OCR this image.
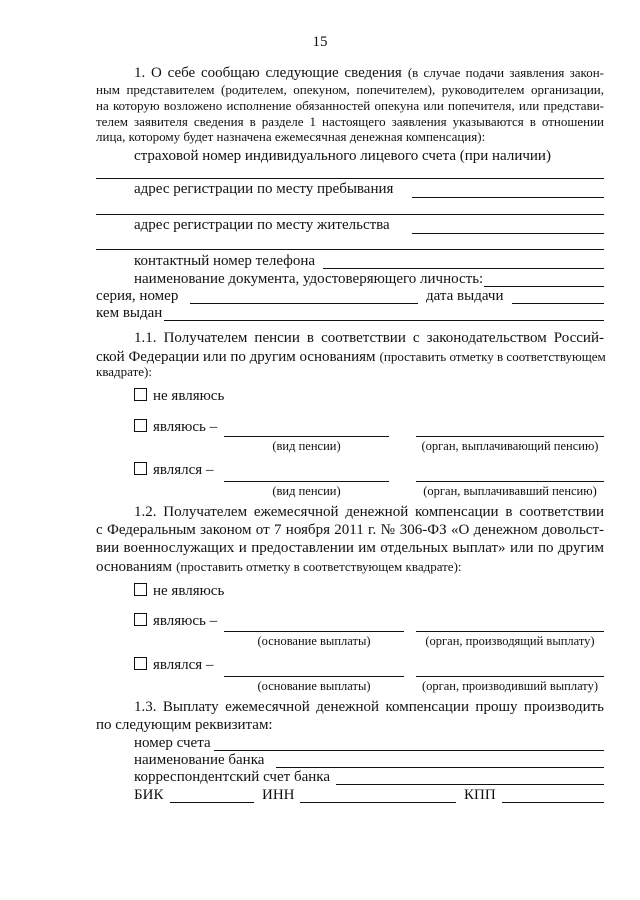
15
1. О себе сообщаю следующие сведения (в случае подачи заявления закон-
ным представителем (родителем, опекуном, попечителем), руководителем организации,
на которую возложено исполнение обязанностей опекуна или попечителя, или представи-
телем заявителя сведения в разделе 1 настоящего заявления указываются в отношении
лица, которому будет назначена ежемесячная денежная компенсация):
страховой номер индивидуального лицевого счета (при наличии)
адрес регистрации по месту пребывания
адрес регистрации по месту жительства
контактный номер телефона
наименование документа, удостоверяющего личность:
серия, номер	дата выдачи
кем выдан
1.1. Получателем пенсии в соответствии с законодательством Россий-
ской Федерации или по другим основаниям (проставить отметку в соответствующем
квадрате):
не являюсь
являюсь –
(вид пенсии)	(орган, выплачивающий пенсию)
являлся –
(вид пенсии)	(орган, выплачивавший пенсию)
1.2. Получателем ежемесячной денежной компенсации в соответствии
с Федеральным законом от 7 ноября 2011 г. № 306-ФЗ «О денежном довольст-
вии военнослужащих и предоставлении им отдельных выплат» или по другим
основаниям (проставить отметку в соответствующем квадрате):
не являюсь
являюсь –
(основание выплаты)	(орган, производящий выплату)
являлся –
(основание выплаты)	(орган, производивший выплату)
1.3. Выплату ежемесячной денежной компенсации прошу производить
по следующим реквизитам:
номер счета
наименование банка
корреспондентский счет банка
БИК	ИНН	КПП
